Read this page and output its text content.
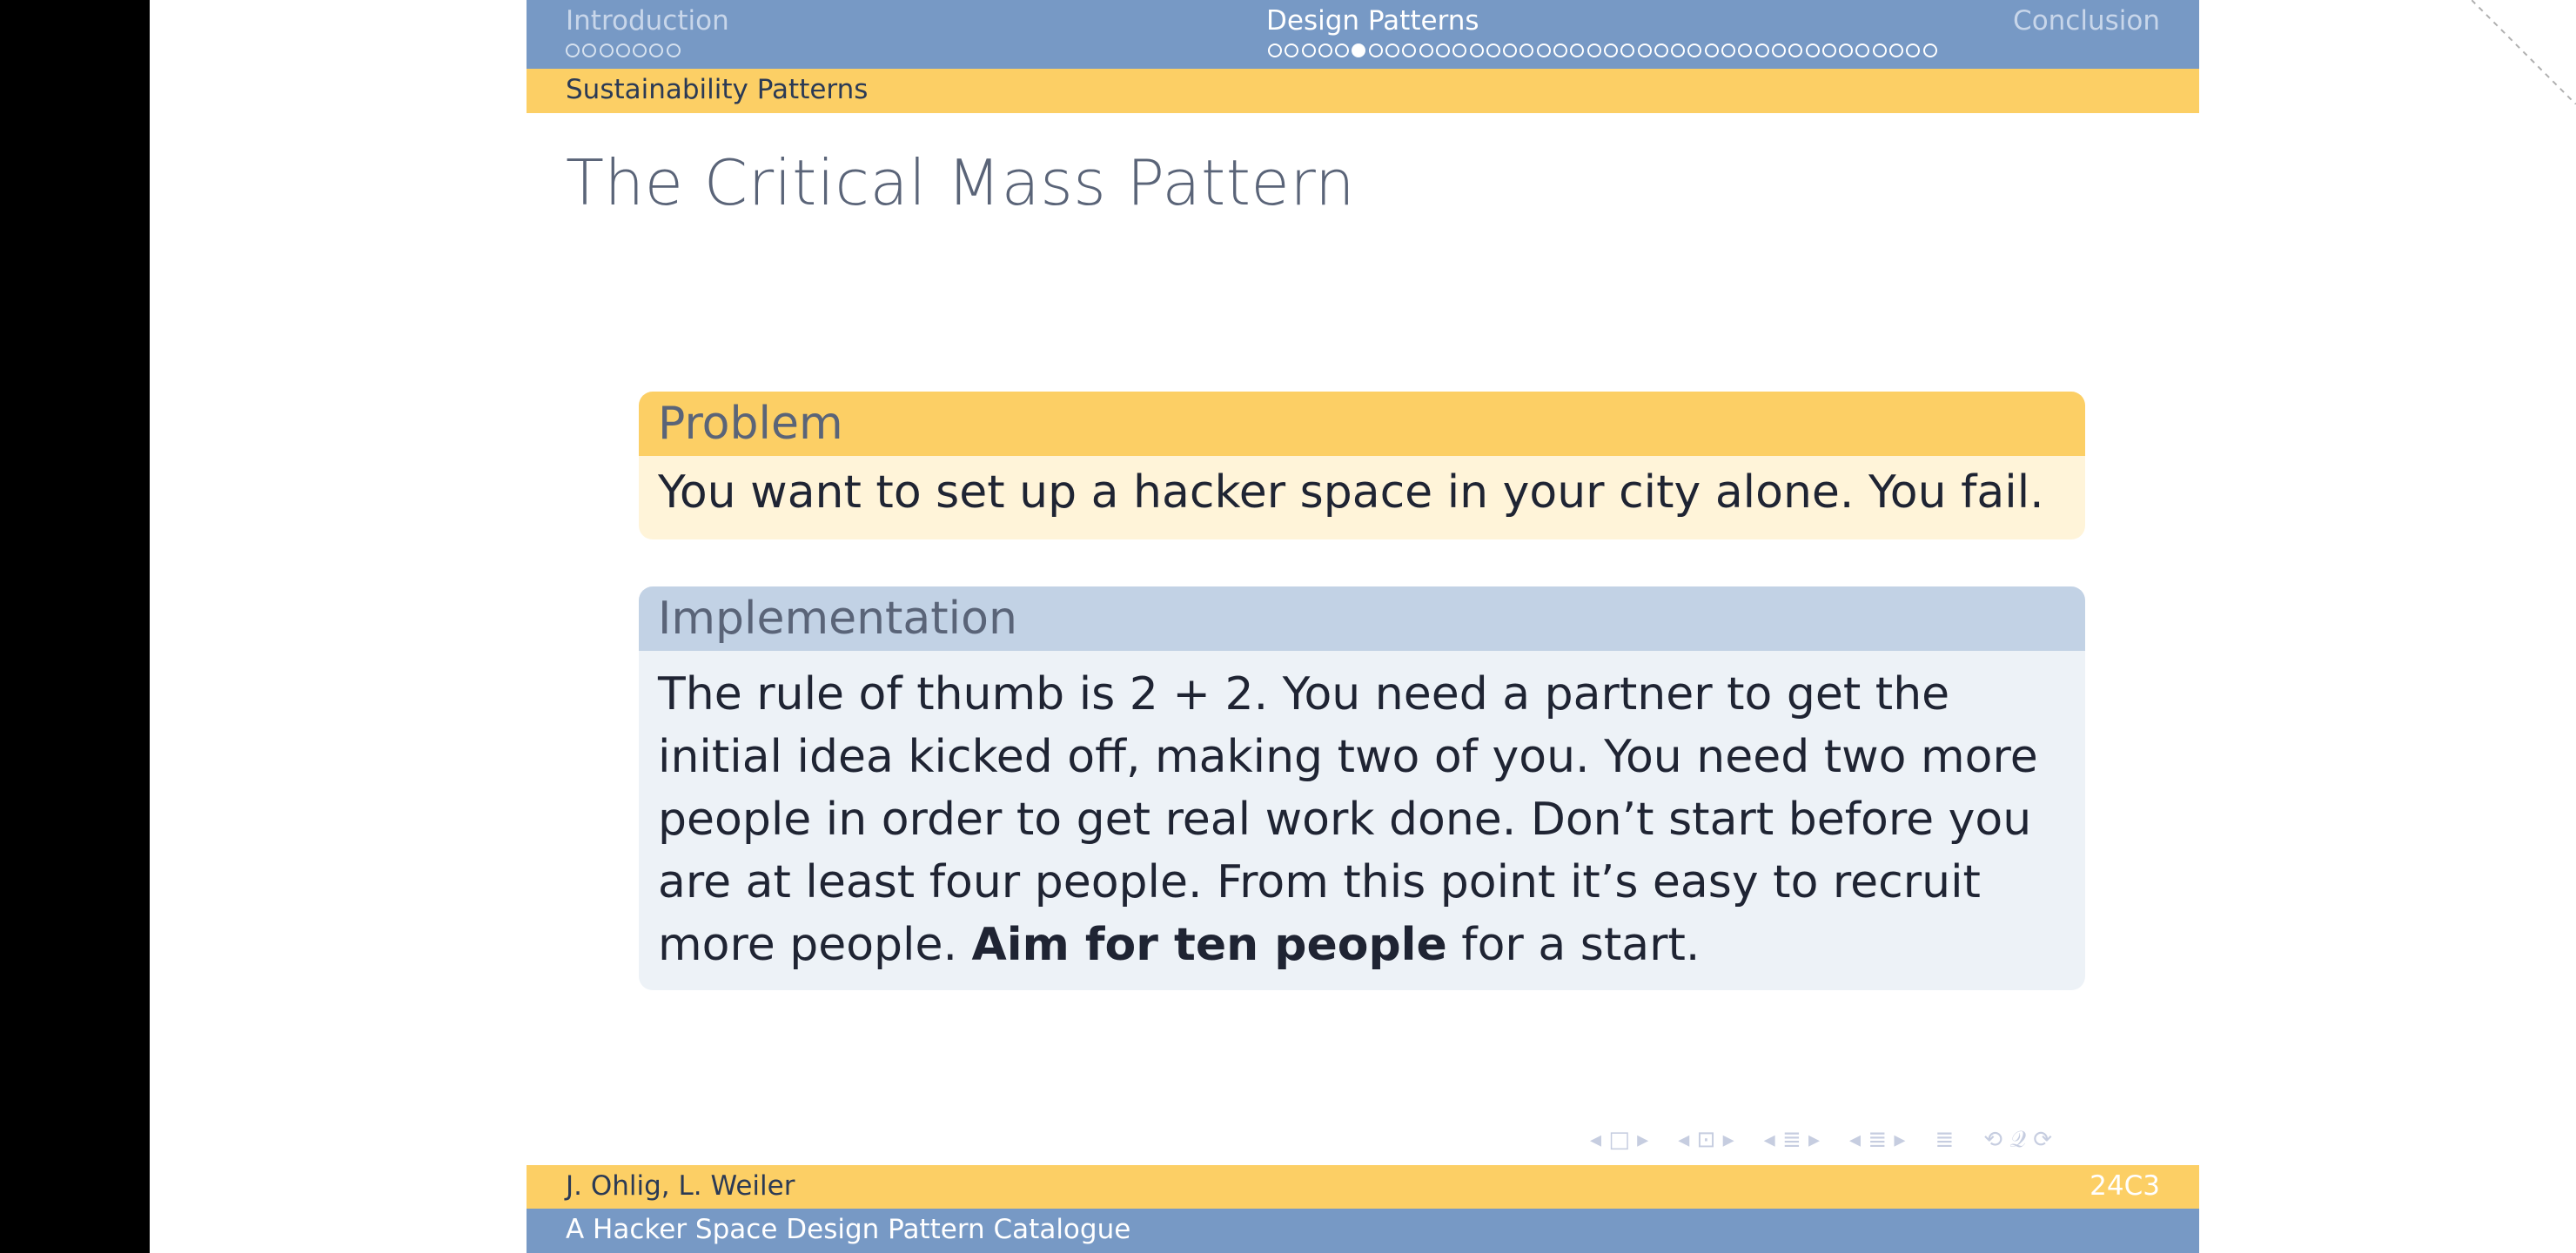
Introduction	Design Patterns	Conclusion
Sustainability Patterns
The Critical Mass Pattern
Problem
You want to set up a hacker space in your city alone. You fail.
Implementation
The rule of thumb is 2 + 2. You need a partner to get the initial idea kicked off, making two of you. You need two more people in order to get real work done. Don’t start before you are at least four people. From this point it’s easy to recruit more people. Aim for ten people for a start.
◂ □ ▸ ◂ ⊡ ▸ ◂ ≣ ▸ ◂ ≣ ▸ ≣ ⟲ 𝒬 ⟳
J. Ohlig, L. Weiler	24C3
A Hacker Space Design Pattern Catalogue
